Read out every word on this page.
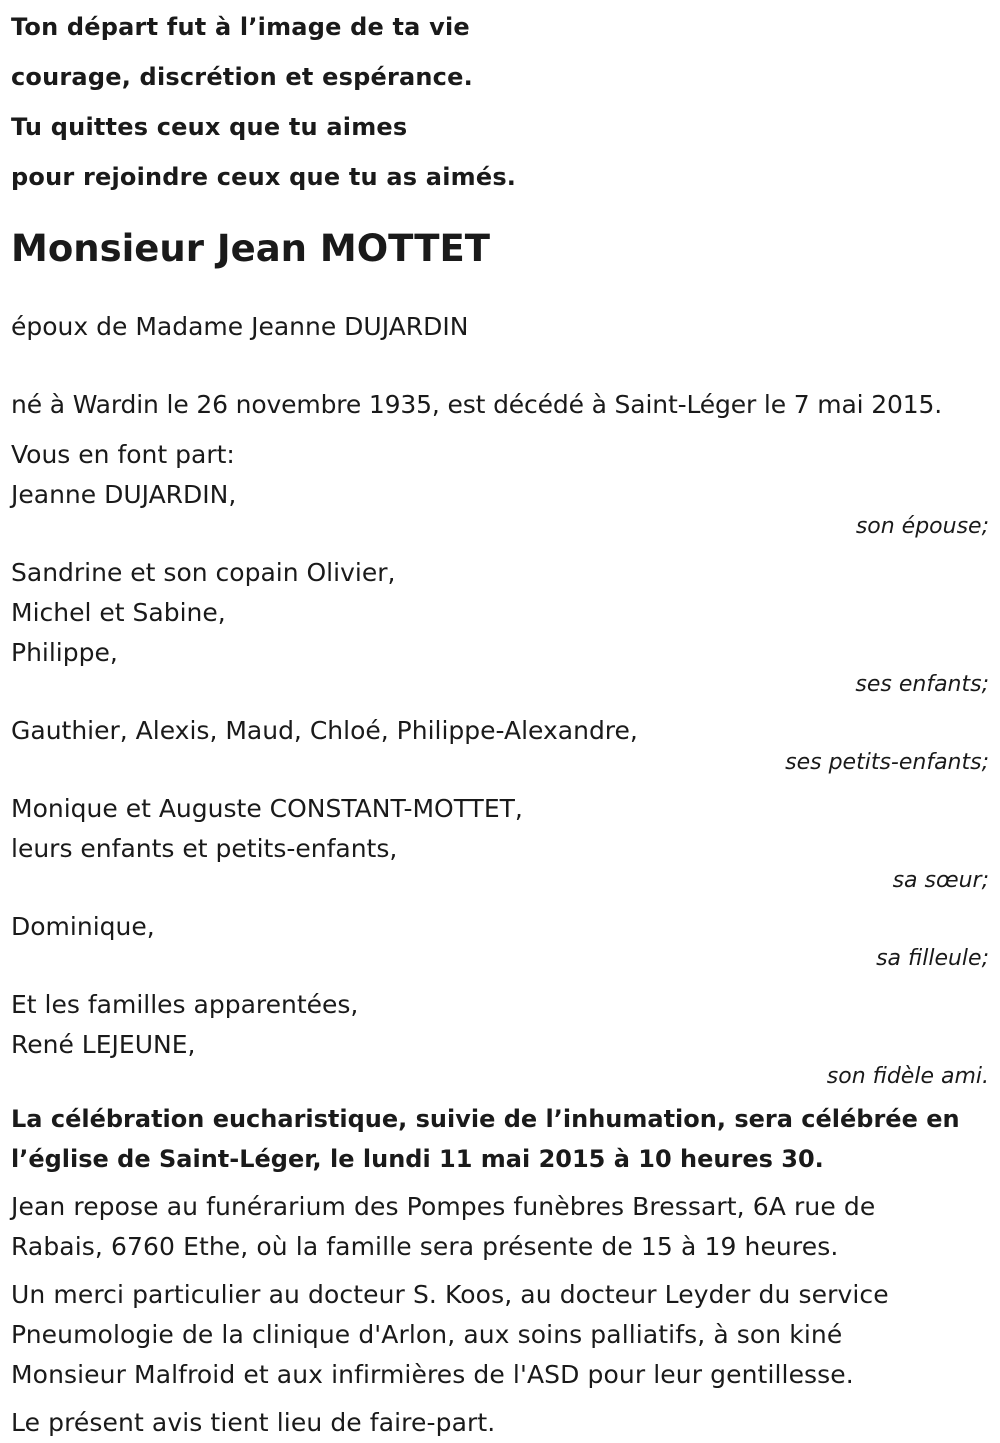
Ton départ fut à l’image de ta vie
courage, discrétion et espérance.
Tu quittes ceux que tu aimes
pour rejoindre ceux que tu as aimés.
Monsieur Jean MOTTET
époux de Madame Jeanne DUJARDIN
né à Wardin le 26 novembre 1935, est décédé à Saint-Léger le 7 mai 2015.
Vous en font part:
Jeanne DUJARDIN,
son épouse;
Sandrine et son copain Olivier,
Michel et Sabine,
Philippe,
ses enfants;
Gauthier, Alexis, Maud, Chloé, Philippe-Alexandre,
ses petits-enfants;
Monique et Auguste CONSTANT-MOTTET,
leurs enfants et petits-enfants,
sa sœur;
Dominique,
sa filleule;
Et les familles apparentées,
René LEJEUNE,
son fidèle ami.
La célébration eucharistique, suivie de l’inhumation, sera célébrée en
l’église de Saint-Léger, le lundi 11 mai 2015 à 10 heures 30.
Jean repose au funérarium des Pompes funèbres Bressart, 6A rue de
Rabais, 6760 Ethe, où la famille sera présente de 15 à 19 heures.
Un merci particulier au docteur S. Koos, au docteur Leyder du service
Pneumologie de la clinique d'Arlon, aux soins palliatifs, à son kiné
Monsieur Malfroid et aux infirmières de l'ASD pour leur gentillesse.
Le présent avis tient lieu de faire-part.
